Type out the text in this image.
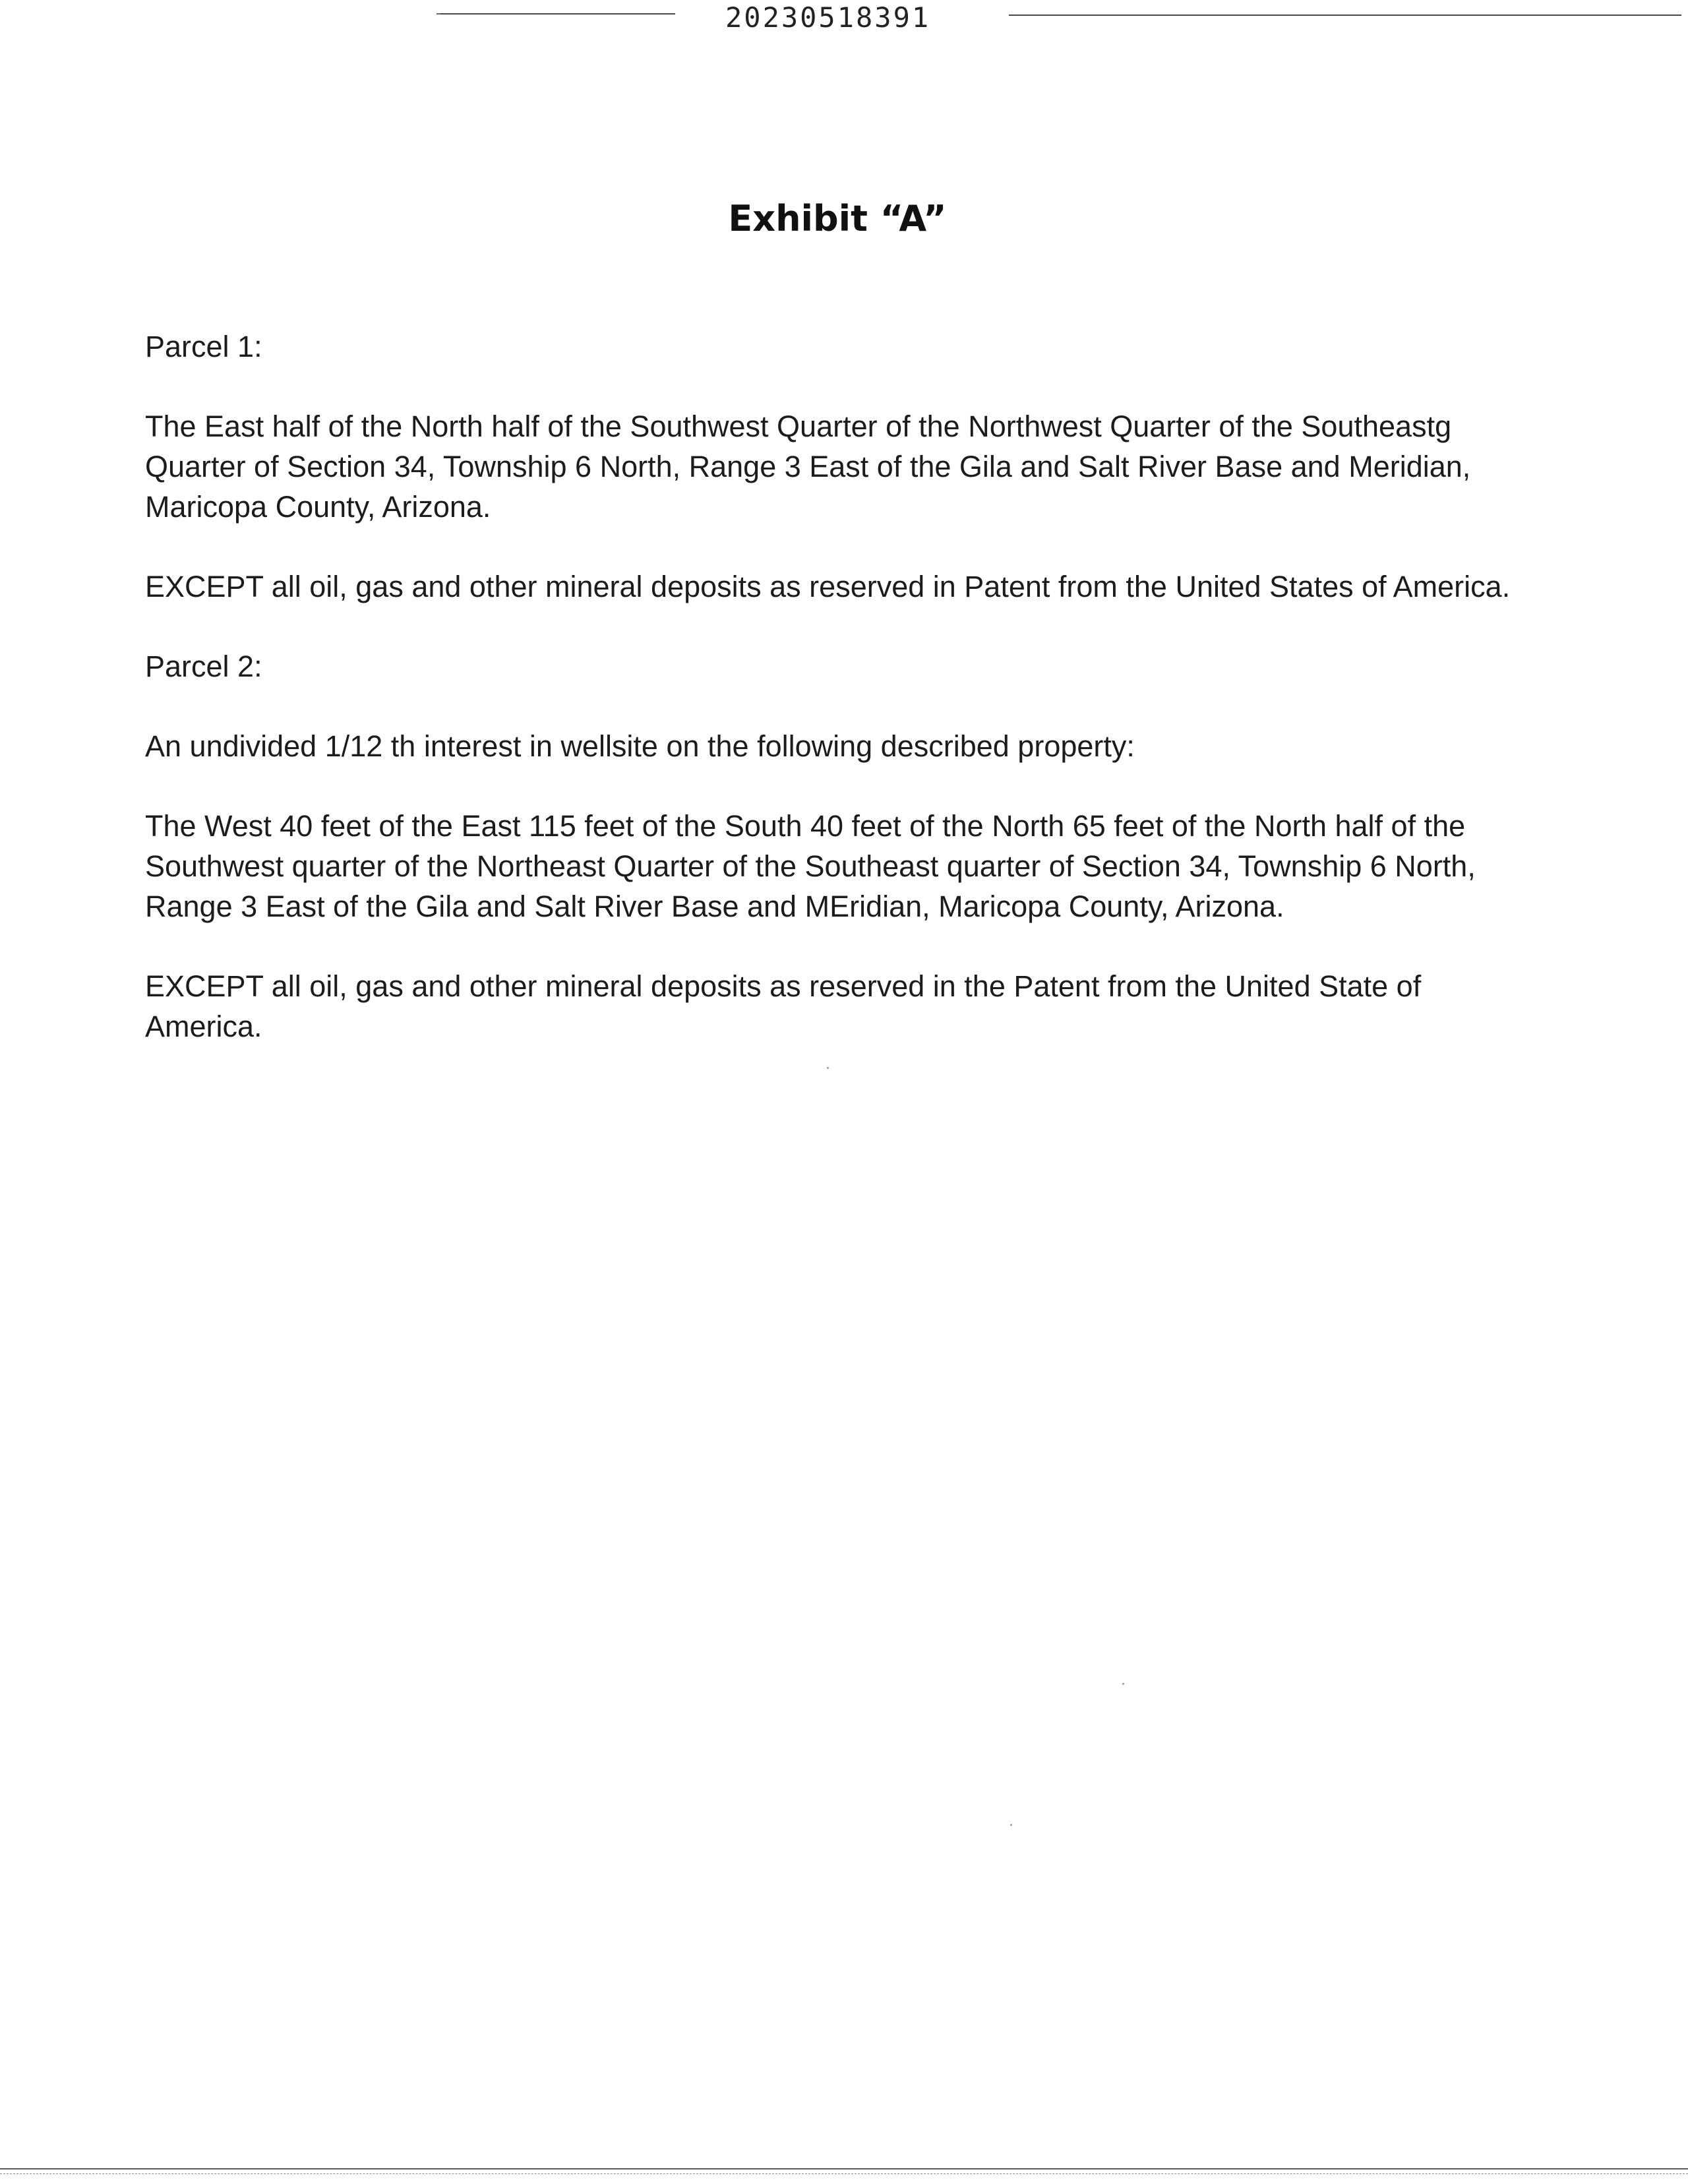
20230518391
Exhibit “A”

Parcel 1:

The East half of the North half of the Southwest Quarter of the Northwest Quarter of the Southeastg Quarter of Section 34, Township 6 North, Range 3 East of the Gila and Salt River Base and Meridian, Maricopa County, Arizona.

EXCEPT all oil, gas and other mineral deposits as reserved in Patent from the United States of America.

Parcel 2:

An undivided 1/12 th interest in wellsite on the following described property:

The West 40 feet of the East 115 feet of the South 40 feet of the North 65 feet of the North half of the Southwest quarter of the Northeast Quarter of the Southeast quarter of Section 34, Township 6 North, Range 3 East of the Gila and Salt River Base and MEridian, Maricopa County, Arizona.

EXCEPT all oil, gas and other mineral deposits as reserved in the Patent from the United State of America.
